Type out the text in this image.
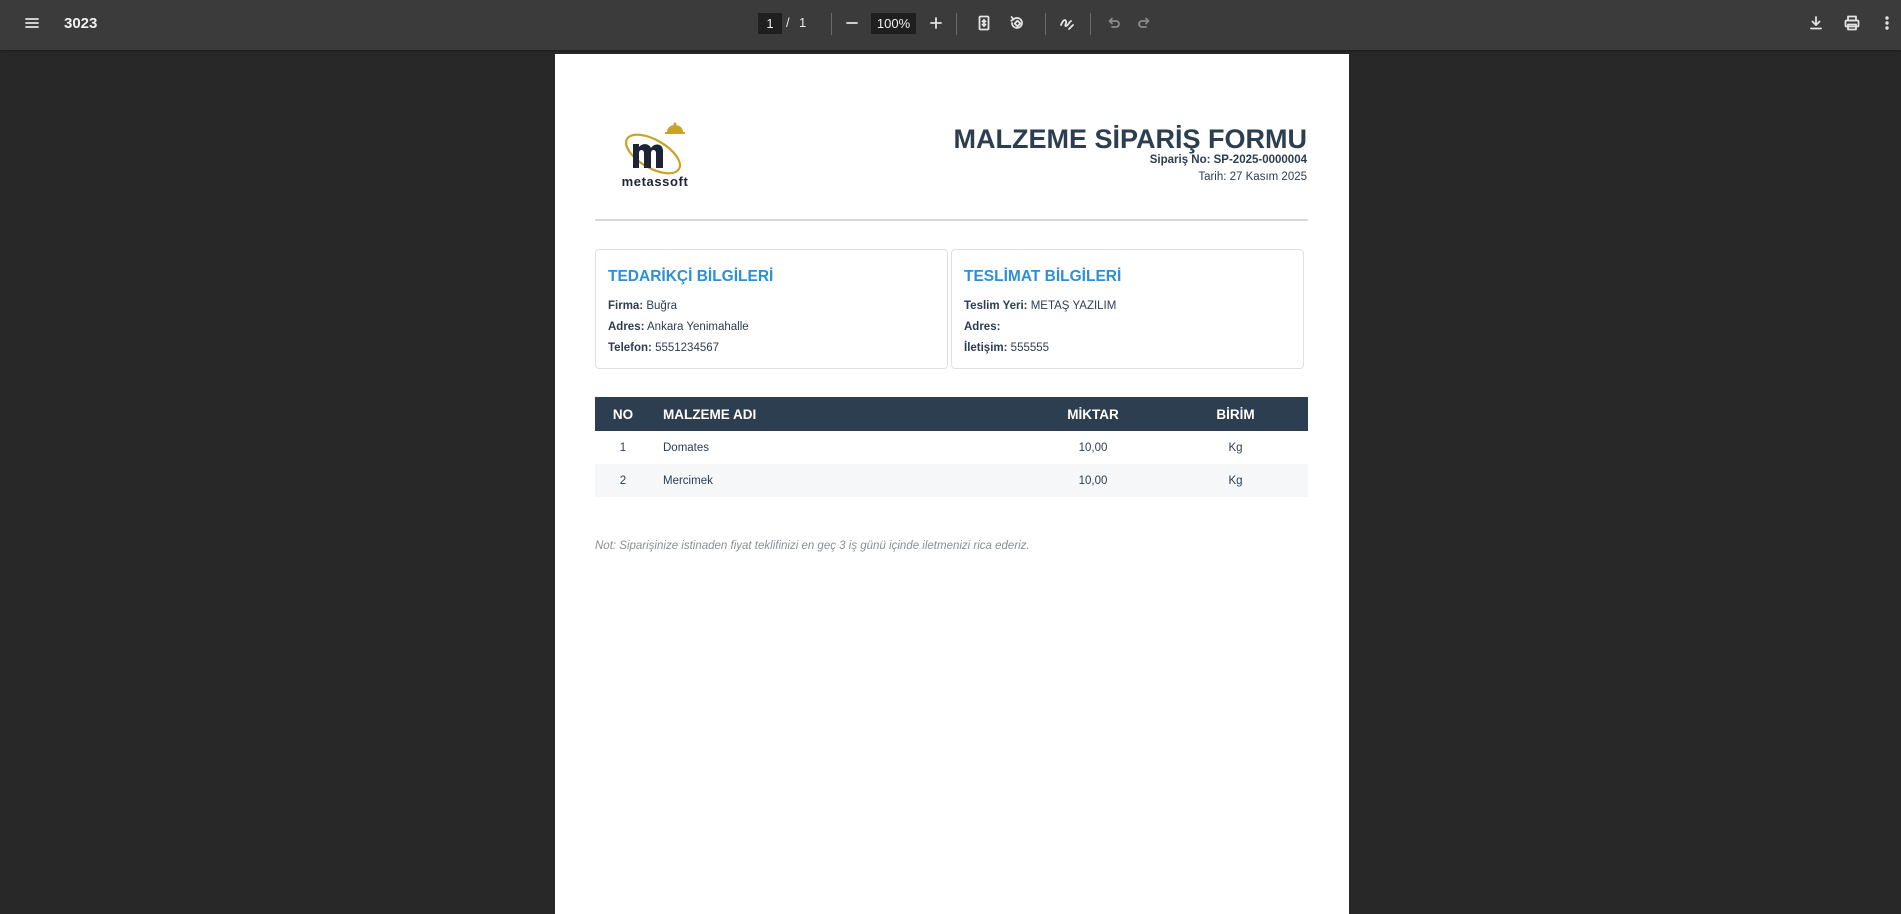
3023	1 / 1	100%
metassoft
MALZEME SİPARİŞ FORMU
Sipariş No: SP-2025-0000004
Tarih: 27 Kasım 2025
TEDARİKÇİ BİLGİLERİ
Firma: Buğra
Adres: Ankara Yenimahalle
Telefon: 5551234567
TESLİMAT BİLGİLERİ
Teslim Yeri: METAŞ YAZILIM
Adres:
İletişim: 555555
NO	MALZEME ADI	MİKTAR	BİRİM
1	Domates	10,00	Kg
2	Mercimek	10,00	Kg
Not: Siparişinize istinaden fiyat teklifinizi en geç 3 iş günü içinde iletmenizi rica ederiz.
